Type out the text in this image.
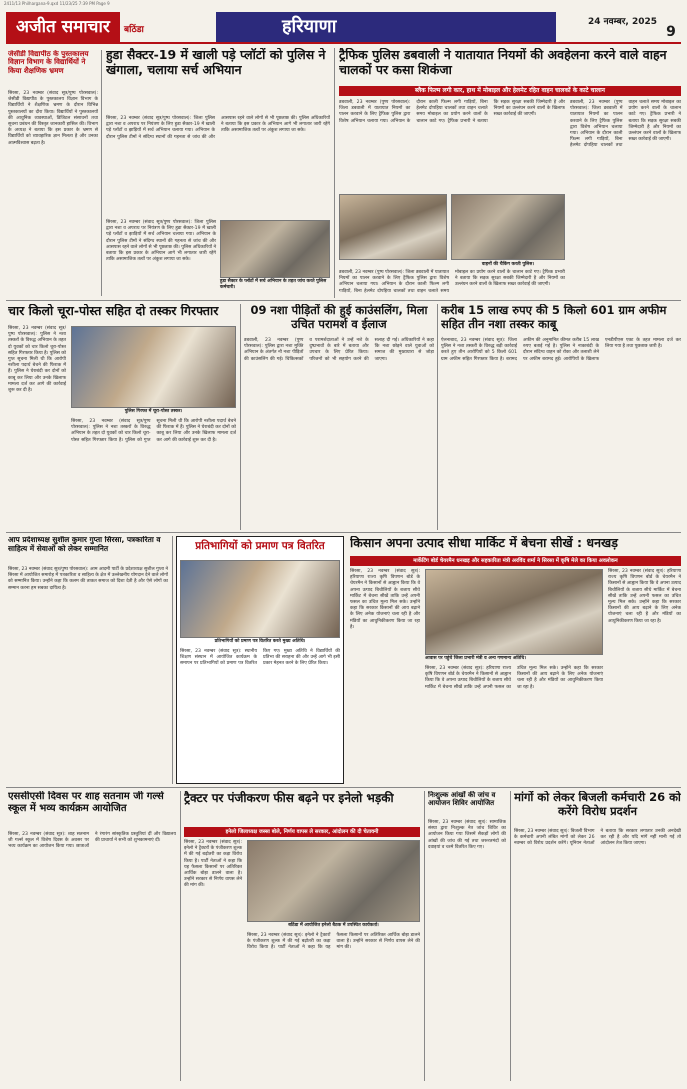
2411/13 Philhargana-9.qxd 11/23/25 7:39 PM Page 9
अजीत समाचार	बठिंडा	हरियाणा	24 नवम्बर, 2025
9
जेसीडी विद्यापीठ के पुस्तकालय विज्ञान विभाग के विद्यार्थियों ने किया शैक्षणिक भ्रमण
सिरसा, 23 नवम्बर (संवाद सूत्र/पुष्प पोरसवाल): जेसीडी विद्यापीठ के पुस्तकालय विज्ञान विभाग के विद्यार्थियों ने शैक्षणिक भ्रमण के दौरान विभिन्न पुस्तकालयों का दौरा किया। विद्यार्थियों ने पुस्तकालयों की आधुनिक व्यवस्थाओं, डिजिटल संसाधनों तथा सूचना प्रबंधन की विस्तृत जानकारी हासिल की। विभाग के अध्यक्ष ने बताया कि इस प्रकार के भ्रमण से विद्यार्थियों को व्यावहारिक ज्ञान मिलता है और उनका आत्मविश्वास बढ़ता है।
हुडा सैक्टर-19 में खाली पड़े प्लॉटों को पुलिस ने खंगाला, चलाया सर्च अभियान
सिरसा, 23 नवम्बर (संवाद सूत्र/पुष्प पोरसवाल): जिला पुलिस द्वारा नशा व अपराध पर नियंत्रण के लिए हुडा सैक्टर-19 में खाली पड़े प्लॉटों व झाड़ियों में सर्च अभियान चलाया गया। अभियान के दौरान पुलिस टीमों ने संदिग्ध स्थानों की गहनता से जांच की और आसपास रहने वाले लोगों से भी पूछताछ की। पुलिस अधिकारियों ने बताया कि इस प्रकार के अभियान आगे भी लगातार जारी रहेंगे ताकि असामाजिक तत्वों पर अंकुश लगाया जा सके।
सिरसा, 23 नवम्बर (संवाद सूत्र/पुष्प पोरसवाल): जिला पुलिस द्वारा नशा व अपराध पर नियंत्रण के लिए हुडा सैक्टर-19 में खाली पड़े प्लॉटों व झाड़ियों में सर्च अभियान चलाया गया। अभियान के दौरान पुलिस टीमों ने संदिग्ध स्थानों की गहनता से जांच की और आसपास रहने वाले लोगों से भी पूछताछ की। पुलिस अधिकारियों ने बताया कि इस प्रकार के अभियान आगे भी लगातार जारी रहेंगे ताकि असामाजिक तत्वों पर अंकुश लगाया जा सके।
हुडा सैक्टर के प्लॉटों में सर्च अभियान के तहत जांच करते पुलिस कर्मचारी।
ट्रैफिक पुलिस डबवाली ने यातायात नियमों की अवहेलना करने वाले वाहन चालकों पर कसा शिकंजा
ब्लैक फिल्म लगी कार, हाथ में मोबाइल और हेलमेट रहित वाहन चालकों के काटे चालान
डबवाली, 23 नवम्बर (पुष्प पोरसवाल): जिला डबवाली में यातायात नियमों का पालन करवाने के लिए ट्रैफिक पुलिस द्वारा विशेष अभियान चलाया गया। अभियान के दौरान काली फिल्म लगी गाड़ियों, बिना हेलमेट दोपहिया चालकों तथा वाहन चलाते समय मोबाइल का प्रयोग करने वालों के चालान काटे गए। ट्रैफिक प्रभारी ने बताया कि सड़क सुरक्षा सबकी जिम्मेदारी है और नियमों का उल्लंघन करने वालों के खिलाफ सख्त कार्रवाई की जाएगी।
डबवाली, 23 नवम्बर (पुष्प पोरसवाल): जिला डबवाली में यातायात नियमों का पालन करवाने के लिए ट्रैफिक पुलिस द्वारा विशेष अभियान चलाया गया। अभियान के दौरान काली फिल्म लगी गाड़ियों, बिना हेलमेट दोपहिया चालकों तथा वाहन चलाते समय मोबाइल का प्रयोग करने वालों के चालान काटे गए। ट्रैफिक प्रभारी ने बताया कि सड़क सुरक्षा सबकी जिम्मेदारी है और नियमों का उल्लंघन करने वालों के खिलाफ सख्त कार्रवाई की जाएगी।
वाहनों की चैकिंग करती पुलिस।
डबवाली, 23 नवम्बर (पुष्प पोरसवाल): जिला डबवाली में यातायात नियमों का पालन करवाने के लिए ट्रैफिक पुलिस द्वारा विशेष अभियान चलाया गया। अभियान के दौरान काली फिल्म लगी गाड़ियों, बिना हेलमेट दोपहिया चालकों तथा वाहन चलाते समय मोबाइल का प्रयोग करने वालों के चालान काटे गए। ट्रैफिक प्रभारी ने बताया कि सड़क सुरक्षा सबकी जिम्मेदारी है और नियमों का उल्लंघन करने वालों के खिलाफ सख्त कार्रवाई की जाएगी।
चार किलो चूरा-पोस्त सहित दो तस्कर गिरफ्तार
सिरसा, 23 नवम्बर (संवाद सूत्र/पुष्प पोरसवाल): पुलिस ने नशा तस्करों के विरुद्ध अभियान के तहत दो युवकों को चार किलो चूरा-पोस्त सहित गिरफ्तार किया है। पुलिस को गुप्त सूचना मिली थी कि आरोपी नशीला पदार्थ बेचने की फिराक में हैं। पुलिस ने घेराबंदी कर दोनों को काबू कर लिया और उनके खिलाफ मामला दर्ज कर आगे की कार्रवाई शुरू कर दी है।
पुलिस गिरफ्त में चूरा-पोस्त तस्कर।
सिरसा, 23 नवम्बर (संवाद सूत्र/पुष्प पोरसवाल): पुलिस ने नशा तस्करों के विरुद्ध अभियान के तहत दो युवकों को चार किलो चूरा-पोस्त सहित गिरफ्तार किया है। पुलिस को गुप्त सूचना मिली थी कि आरोपी नशीला पदार्थ बेचने की फिराक में हैं। पुलिस ने घेराबंदी कर दोनों को काबू कर लिया और उनके खिलाफ मामला दर्ज कर आगे की कार्रवाई शुरू कर दी है।
09 नशा पीड़ितों की हुई काउंसलिंग, मिला उचित परामर्श व ईलाज
डबवाली, 23 नवम्बर (पुष्प पोरसवाल): पुलिस द्वारा नशा मुक्ति अभियान के अंतर्गत नौ नशा पीड़ितों की काउंसलिंग की गई। चिकित्सकों व परामर्शदाताओं ने उन्हें नशे के दुष्प्रभावों के बारे में बताया और उपचार के लिए प्रेरित किया। परिजनों को भी सहयोग करने की सलाह दी गई। अधिकारियों ने कहा कि नशा छोड़ने वाले युवाओं को समाज की मुख्यधारा से जोड़ा जाएगा।
करीब 15 लाख रुपए की 5 किलो 601 ग्राम अफीम सहित तीन नशा तस्कर काबू
ऐलनाबाद, 23 नवम्बर (संवाद सूत्र): जिला पुलिस ने नशा तस्करी के विरुद्ध बड़ी कार्रवाई करते हुए तीन आरोपियों को 5 किलो 601 ग्राम अफीम सहित गिरफ्तार किया है। बरामद अफीम की अनुमानित कीमत करीब 15 लाख रुपए बताई गई है। पुलिस ने नाकाबंदी के दौरान संदिग्ध वाहन को रोका और तलाशी लेने पर अफीम बरामद हुई। आरोपियों के खिलाफ एनडीपीएस एक्ट के तहत मामला दर्ज कर लिया गया है तथा पूछताछ जारी है।
आप प्रदेशाध्यक्ष सुशील कुमार गुप्ता सिरसा, पत्रकारिता व साहित्य में सेवाओं को लेकर सम्मानित
सिरसा, 23 नवम्बर (संवाद सूत्र/पुष्प पोरसवाल): आम आदमी पार्टी के प्रदेशाध्यक्ष सुशील गुप्ता ने सिरसा में आयोजित समारोह में पत्रकारिता व साहित्य के क्षेत्र में उल्लेखनीय योगदान देने वाले लोगों को सम्मानित किया। उन्होंने कहा कि कलम की ताकत समाज को दिशा देती है और ऐसे लोगों का सम्मान करना हम सबका दायित्व है।
प्रतिभागियों को प्रमाण पत्र वितरित
प्रतिभागियों को प्रमाण पत्र वितरित करते मुख्य अतिथि।
सिरसा, 23 नवम्बर (संवाद सूत्र): स्थानीय शिक्षण संस्थान में आयोजित कार्यक्रम के समापन पर प्रतिभागियों को प्रमाण पत्र वितरित किए गए। मुख्य अतिथि ने विद्यार्थियों की प्रतिभा की सराहना की और उन्हें आगे भी इसी प्रकार मेहनत करने के लिए प्रेरित किया।
किसान अपना उत्पाद सीधा मार्किट में बेचना सीखें : धनखड़
मार्केटिंग बोर्ड चेयरमैन धनखड़ और सहकारिता मंत्री अरविंद शर्मा ने सिरसा में कृषि मेले का किया अवलोकन
सिरसा, 23 नवम्बर (संवाद सूत्र): हरियाणा राज्य कृषि विपणन बोर्ड के चेयरमैन ने किसानों से आह्वान किया कि वे अपना उत्पाद बिचौलियों के बजाय सीधे मार्किट में बेचना सीखें ताकि उन्हें अपनी फसल का उचित मूल्य मिल सके। उन्होंने कहा कि सरकार किसानों की आय बढ़ाने के लिए अनेक योजनाएं चला रही है और मंडियों का आधुनिकीकरण किया जा रहा है।
आवास पर पहुंचे जिला प्रभारी मंत्री व अन्य गणमान्य अतिथि।
सिरसा, 23 नवम्बर (संवाद सूत्र): हरियाणा राज्य कृषि विपणन बोर्ड के चेयरमैन ने किसानों से आह्वान किया कि वे अपना उत्पाद बिचौलियों के बजाय सीधे मार्किट में बेचना सीखें ताकि उन्हें अपनी फसल का उचित मूल्य मिल सके। उन्होंने कहा कि सरकार किसानों की आय बढ़ाने के लिए अनेक योजनाएं चला रही है और मंडियों का आधुनिकीकरण किया जा रहा है।
सिरसा, 23 नवम्बर (संवाद सूत्र): हरियाणा राज्य कृषि विपणन बोर्ड के चेयरमैन ने किसानों से आह्वान किया कि वे अपना उत्पाद बिचौलियों के बजाय सीधे मार्किट में बेचना सीखें ताकि उन्हें अपनी फसल का उचित मूल्य मिल सके। उन्होंने कहा कि सरकार किसानों की आय बढ़ाने के लिए अनेक योजनाएं चला रही है और मंडियों का आधुनिकीकरण किया जा रहा है।
एससीएसी दिवस पर शाह सतनाम जी गर्ल्स स्कूल में भव्य कार्यक्रम आयोजित
सिरसा, 23 नवम्बर (संवाद सूत्र): शाह सतनाम जी गर्ल्स स्कूल में विशेष दिवस के अवसर पर भव्य कार्यक्रम का आयोजन किया गया। छात्राओं ने रंगारंग सांस्कृतिक प्रस्तुतियां दीं और विद्यालय की प्राचार्या ने सभी को शुभकामनाएं दीं।
ट्रैक्टर पर पंजीकरण फीस बढ़ने पर इनेलो भड़की
इनेलो जिलाध्यक्ष जस्सा बोले, निर्णय वापस ले सरकार, आंदोलन की दी चेतावनी
सिरसा, 23 नवम्बर (संवाद सूत्र): इनेलो ने ट्रैक्टरों के पंजीकरण शुल्क में की गई बढ़ोतरी का कड़ा विरोध किया है। पार्टी नेताओं ने कहा कि यह फैसला किसानों पर अतिरिक्त आर्थिक बोझ डालने वाला है। उन्होंने सरकार से निर्णय वापस लेने की मांग की।
बठिंडा में आयोजित इनेलो बैठक में उपस्थित कार्यकर्ता।
सिरसा, 23 नवम्बर (संवाद सूत्र): इनेलो ने ट्रैक्टरों के पंजीकरण शुल्क में की गई बढ़ोतरी का कड़ा विरोध किया है। पार्टी नेताओं ने कहा कि यह फैसला किसानों पर अतिरिक्त आर्थिक बोझ डालने वाला है। उन्होंने सरकार से निर्णय वापस लेने की मांग की।
निःशुल्क आंखों की जांच व आयोजन शिविर आयोजित
सिरसा, 23 नवम्बर (संवाद सूत्र): सामाजिक संस्था द्वारा निःशुल्क नेत्र जांच शिविर का आयोजन किया गया जिसमें सैकड़ों लोगों की आंखों की जांच की गई तथा जरूरतमंदों को दवाइयां व चश्मे वितरित किए गए।
मांगों को लेकर बिजली कर्मचारी 26 को करेंगे विरोध प्रदर्शन
सिरसा, 23 नवम्बर (संवाद सूत्र): बिजली विभाग के कर्मचारी अपनी लंबित मांगों को लेकर 26 नवम्बर को विरोध प्रदर्शन करेंगे। यूनियन नेताओं ने बताया कि सरकार लगातार उनकी अनदेखी कर रही है और यदि मांगें नहीं मानी गईं तो आंदोलन तेज किया जाएगा।
